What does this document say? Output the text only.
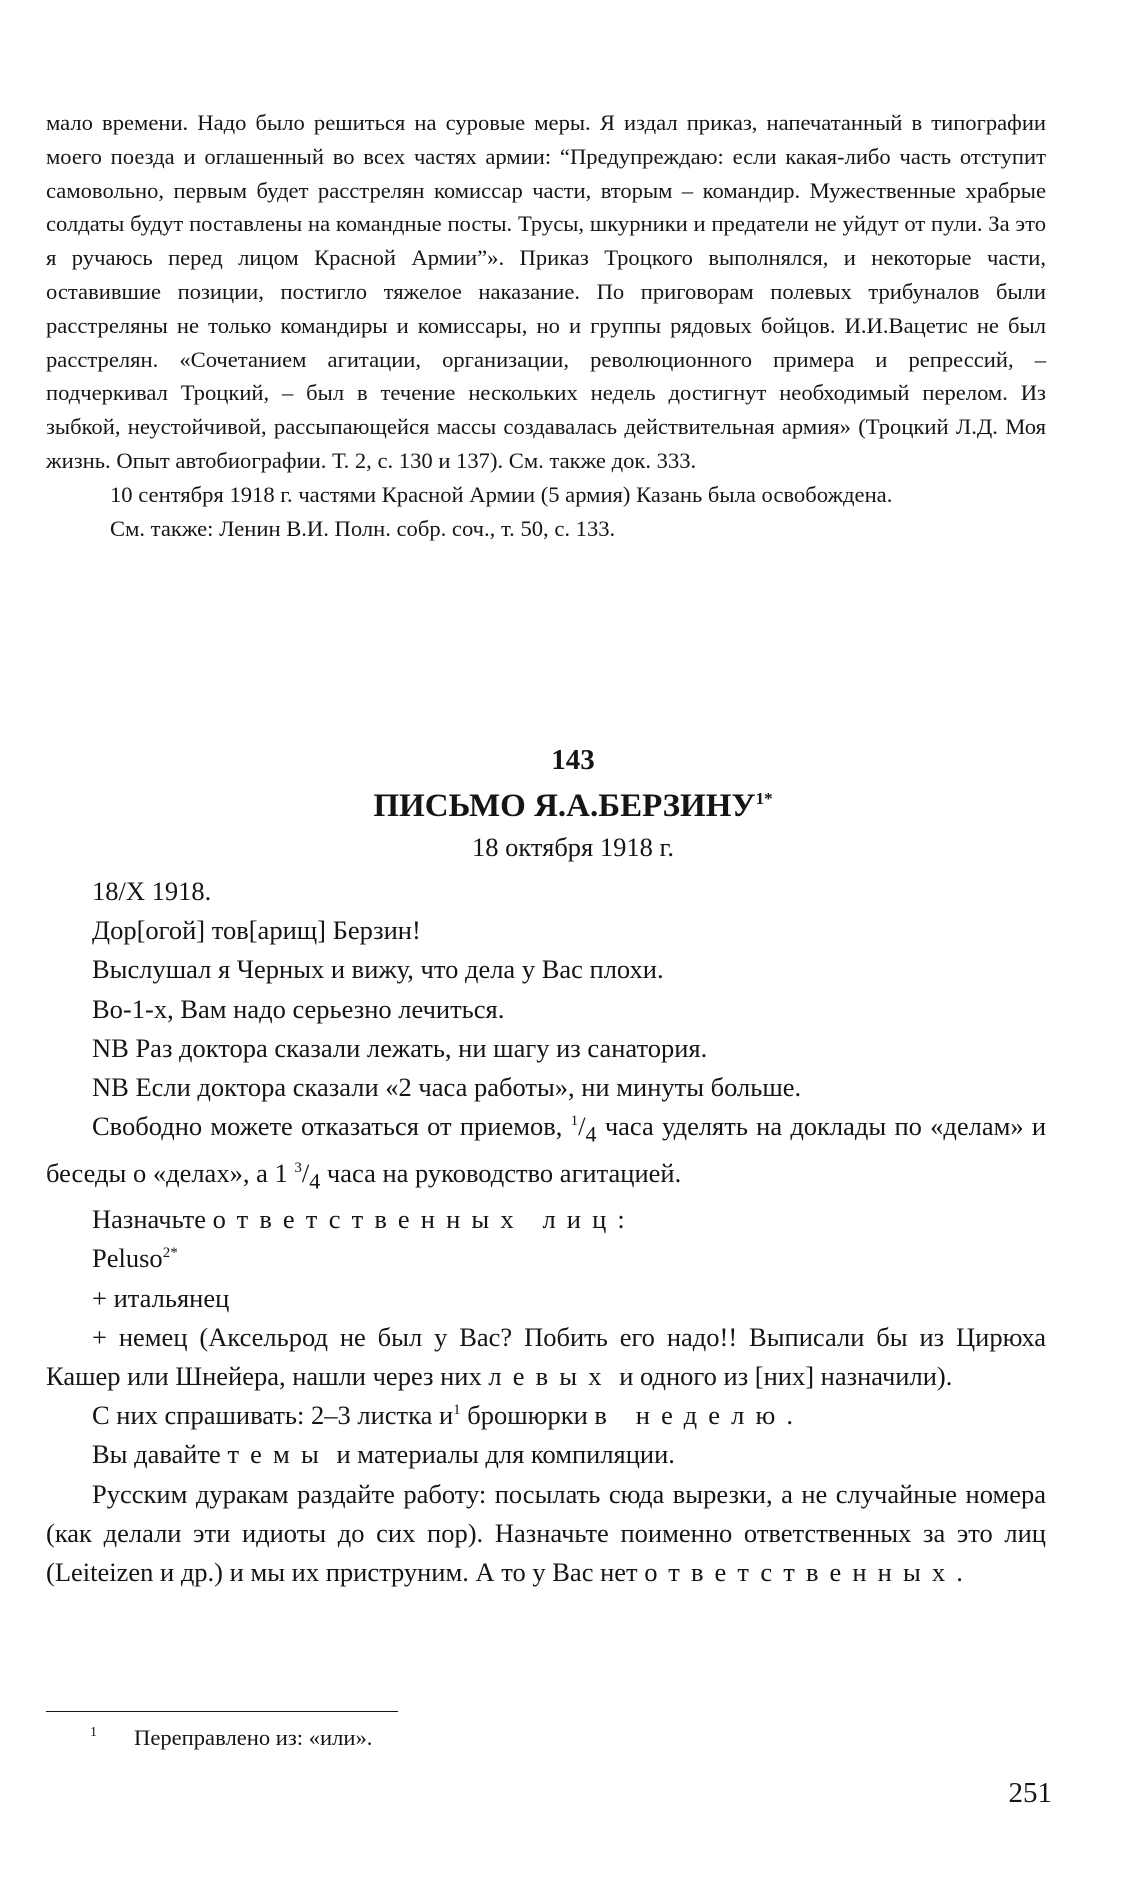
мало времени. Надо было решиться на суровые меры. Я издал приказ, напечатанный в типографии моего поезда и оглашенный во всех частях армии: “Предупреждаю: если какая-либо часть отступит самовольно, первым будет расстрелян комиссар части, вторым – командир. Мужественные храбрые солдаты будут поставлены на командные посты. Трусы, шкурники и предатели не уйдут от пули. За это я ручаюсь перед лицом Красной Армии”». Приказ Троцкого выполнялся, и некоторые части, оставившие позиции, постигло тяжелое наказание. По приговорам полевых трибуналов были расстреляны не только командиры и комиссары, но и группы рядовых бойцов. И.И.Вацетис не был расстрелян. «Сочетанием агитации, организации, революционного примера и репрессий, – подчеркивал Троцкий, – был в течение нескольких недель достигнут необходимый перелом. Из зыбкой, неустойчивой, рассыпающейся массы создавалась действительная армия» (Троцкий Л.Д. Моя жизнь. Опыт автобиографии. Т. 2, с. 130 и 137). См. также док. 333.

10 сентября 1918 г. частями Красной Армии (5 армия) Казань была освобождена.

См. также: Ленин В.И. Полн. собр. соч., т. 50, с. 133.

143
ПИСЬМО $Я.А.БЕРЗИНУ^{1*}$
18 октября 1918 г.

18/X 1918.

Дор[огой] тов[арищ] Берзин!

Выслушал я Черных и вижу, что дела у Вас плохи.

Во-1-х, Вам надо серьезно лечиться.

NB Раз доктора сказали лежать, ни шагу из санатория.

NB Если доктора сказали «2 часа работы», ни минуты больше.

Свободно можете отказаться от приемов, $^1/_4$ часа уделять на доклады по «делам» и беседы о «делах», а 1 $^3/_4$ часа на руководство агитацией.

Назначьте ответственных лиц:

Peluso$^{2*}$

+ итальянец

+ немец (Аксельрод не был у Вас? Побить его надо!! Выписали бы из Цирюха Кашер или Шнейера, нашли через них левых и одного из [них] назначили).

С них спрашивать: 2–3 листка $и^1$ брошюрки в неделю.

Вы давайте темы и материалы для компиляции.

Русским дуракам раздайте работу: посылать сюда вырезки, а не случайные номера (как делали эти идиоты до сих пор). Назначьте поименно ответственных за это лиц (Leiteizen и др.) и мы их приструним. А то у Вас нет ответственных.

1 Переправлено из: «или».
251
